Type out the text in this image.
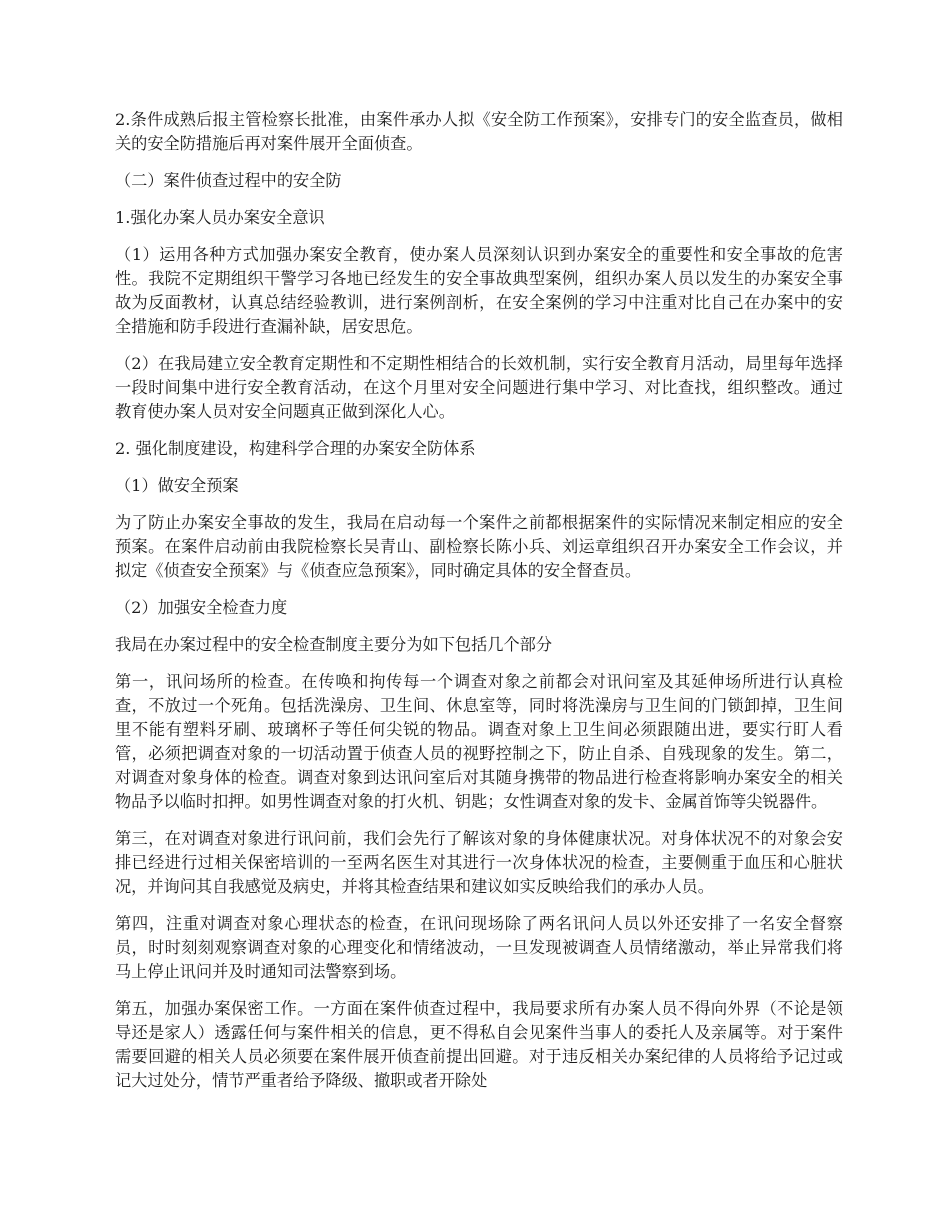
2.条件成熟后报主管检察长批准，由案件承办人拟《安全防工作预案》，安排专门的安全监查员，做相关的安全防措施后再对案件展开全面侦查。

（二）案件侦查过程中的安全防

1.强化办案人员办案安全意识

（1）运用各种方式加强办案安全教育，使办案人员深刻认识到办案安全的重要性和安全事故的危害性。我院不定期组织干警学习各地已经发生的安全事故典型案例，组织办案人员以发生的办案安全事故为反面教材，认真总结经验教训，进行案例剖析，在安全案例的学习中注重对比自己在办案中的安全措施和防手段进行查漏补缺，居安思危。

（2）在我局建立安全教育定期性和不定期性相结合的长效机制，实行安全教育月活动，局里每年选择一段时间集中进行安全教育活动，在这个月里对安全问题进行集中学习、对比查找，组织整改。通过教育使办案人员对安全问题真正做到深化人心。

2. 强化制度建设，构建科学合理的办案安全防体系

（1）做安全预案

为了防止办案安全事故的发生，我局在启动每一个案件之前都根据案件的实际情况来制定相应的安全预案。在案件启动前由我院检察长吴青山、副检察长陈小兵、刘运章组织召开办案安全工作会议，并拟定《侦查安全预案》与《侦查应急预案》，同时确定具体的安全督查员。

（2）加强安全检查力度

我局在办案过程中的安全检查制度主要分为如下包括几个部分

第一，讯问场所的检查。在传唤和拘传每一个调查对象之前都会对讯问室及其延伸场所进行认真检查，不放过一个死角。包括洗澡房、卫生间、休息室等，同时将洗澡房与卫生间的门锁卸掉，卫生间里不能有塑料牙刷、玻璃杯子等任何尖锐的物品。调查对象上卫生间必须跟随出进，要实行盯人看管，必须把调查对象的一切活动置于侦查人员的视野控制之下，防止自杀、自残现象的发生。第二，对调查对象身体的检查。调查对象到达讯问室后对其随身携带的物品进行检查将影响办案安全的相关物品予以临时扣押。如男性调查对象的打火机、钥匙；女性调查对象的发卡、金属首饰等尖锐器件。

第三，在对调查对象进行讯问前，我们会先行了解该对象的身体健康状况。对身体状况不的对象会安排已经进行过相关保密培训的一至两名医生对其进行一次身体状况的检查，主要侧重于血压和心脏状况，并询问其自我感觉及病史，并将其检查结果和建议如实反映给我们的承办人员。

第四，注重对调查对象心理状态的检查，在讯问现场除了两名讯问人员以外还安排了一名安全督察员，时时刻刻观察调查对象的心理变化和情绪波动，一旦发现被调查人员情绪激动，举止异常我们将马上停止讯问并及时通知司法警察到场。

第五，加强办案保密工作。一方面在案件侦查过程中，我局要求所有办案人员不得向外界（不论是领导还是家人）透露任何与案件相关的信息，更不得私自会见案件当事人的委托人及亲属等。对于案件需要回避的相关人员必须要在案件展开侦查前提出回避。对于违反相关办案纪律的人员将给予记过或记大过处分，情节严重者给予降级、撤职或者开除处
